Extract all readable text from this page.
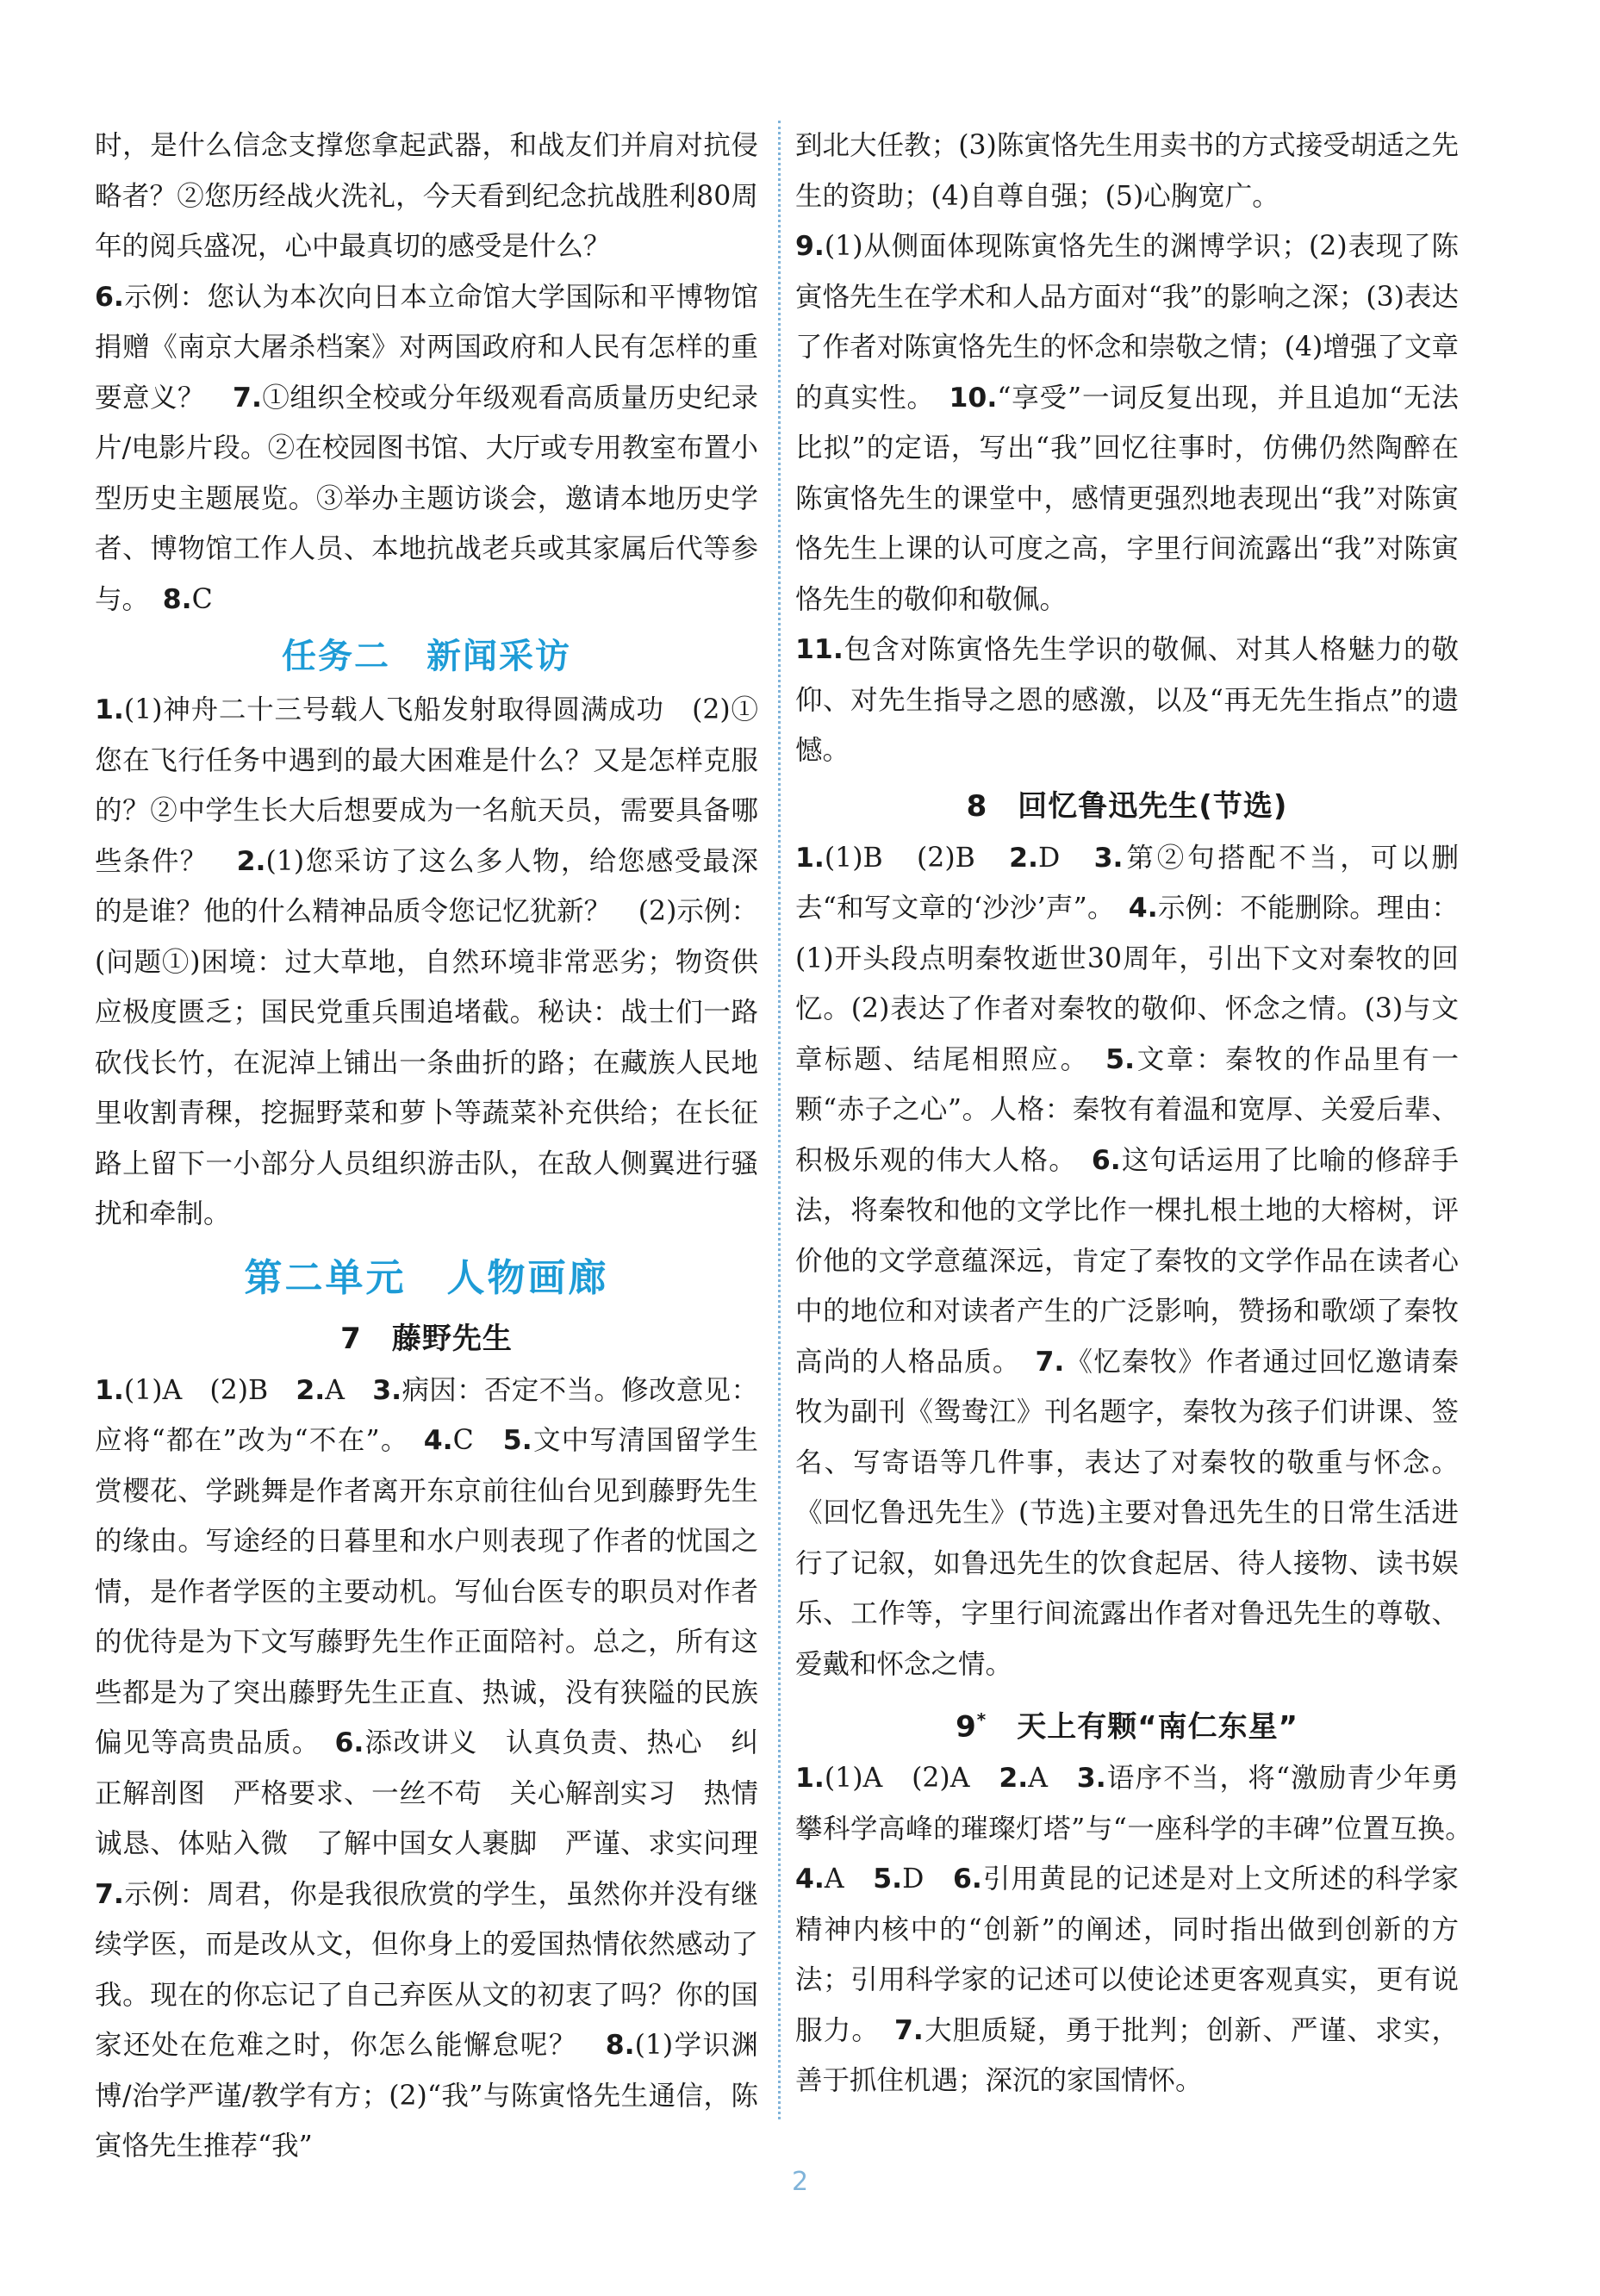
时，是什么信念支撑您拿起武器，和战友们并肩对抗侵略者？②您历经战火洗礼，今天看到纪念抗战胜利80周年的阅兵盛况，心中最真切的感受是什么？

6.示例：您认为本次向日本立命馆大学国际和平博物馆捐赠《南京大屠杀档案》对两国政府和人民有怎样的重要意义？　7.①组织全校或分年级观看高质量历史纪录片/电影片段。②在校园图书馆、大厅或专用教室布置小型历史主题展览。③举办主题访谈会，邀请本地历史学者、博物馆工作人员、本地抗战老兵或其家属后代等参与。　8.C

任务二　新闻采访

1.(1)神舟二十三号载人飞船发射取得圆满成功　(2)①您在飞行任务中遇到的最大困难是什么？又是怎样克服的？②中学生长大后想要成为一名航天员，需要具备哪些条件？　2.(1)您采访了这么多人物，给您感受最深的是谁？他的什么精神品质令您记忆犹新？　(2)示例：(问题①)困境：过大草地，自然环境非常恶劣；物资供应极度匮乏；国民党重兵围追堵截。秘诀：战士们一路砍伐长竹，在泥淖上铺出一条曲折的路；在藏族人民地里收割青稞，挖掘野菜和萝卜等蔬菜补充供给；在长征路上留下一小部分人员组织游击队，在敌人侧翼进行骚扰和牵制。

第二单元　人物画廊
7　藤野先生

1.(1)A　(2)B　2.A　3.病因：否定不当。修改意见：应将“都在”改为“不在”。　4.C　5.文中写清国留学生赏樱花、学跳舞是作者离开东京前往仙台见到藤野先生的缘由。写途经的日暮里和水户则表现了作者的忧国之情，是作者学医的主要动机。写仙台医专的职员对作者的优待是为下文写藤野先生作正面陪衬。总之，所有这些都是为了突出藤野先生正直、热诚，没有狭隘的民族偏见等高贵品质。　6.添改讲义　认真负责、热心　纠正解剖图　严格要求、一丝不苟　关心解剖实习　热情诚恳、体贴入微　了解中国女人裹脚　严谨、求实问理　7.示例：周君，你是我很欣赏的学生，虽然你并没有继续学医，而是改从文，但你身上的爱国热情依然感动了我。现在的你忘记了自己弃医从文的初衷了吗？你的国家还处在危难之时，你怎么能懈怠呢？　8.(1)学识渊博/治学严谨/教学有方；(2)“我”与陈寅恪先生通信，陈寅恪先生推荐“我”

到北大任教；(3)陈寅恪先生用卖书的方式接受胡适之先生的资助；(4)自尊自强；(5)心胸宽广。

9.(1)从侧面体现陈寅恪先生的渊博学识；(2)表现了陈寅恪先生在学术和人品方面对“我”的影响之深；(3)表达了作者对陈寅恪先生的怀念和崇敬之情；(4)增强了文章的真实性。　10.“享受”一词反复出现，并且追加“无法比拟”的定语，写出“我”回忆往事时，仿佛仍然陶醉在陈寅恪先生的课堂中，感情更强烈地表现出“我”对陈寅恪先生上课的认可度之高，字里行间流露出“我”对陈寅恪先生的敬仰和敬佩。

11.包含对陈寅恪先生学识的敬佩、对其人格魅力的敬仰、对先生指导之恩的感激，以及“再无先生指点”的遗憾。

8　回忆鲁迅先生(节选)

1.(1)B　(2)B　2.D　3.第②句搭配不当，可以删去“和写文章的‘沙沙’声”。　4.示例：不能删除。理由：(1)开头段点明秦牧逝世30周年，引出下文对秦牧的回忆。(2)表达了作者对秦牧的敬仰、怀念之情。(3)与文章标题、结尾相照应。　5.文章：秦牧的作品里有一颗“赤子之心”。人格：秦牧有着温和宽厚、关爱后辈、积极乐观的伟大人格。　6.这句话运用了比喻的修辞手法，将秦牧和他的文学比作一棵扎根土地的大榕树，评价他的文学意蕴深远，肯定了秦牧的文学作品在读者心中的地位和对读者产生的广泛影响，赞扬和歌颂了秦牧高尚的人格品质。　7.《忆秦牧》作者通过回忆邀请秦牧为副刊《鸳鸯江》刊名题字，秦牧为孩子们讲课、签名、写寄语等几件事，表达了对秦牧的敬重与怀念。《回忆鲁迅先生》(节选)主要对鲁迅先生的日常生活进行了记叙，如鲁迅先生的饮食起居、待人接物、读书娱乐、工作等，字里行间流露出作者对鲁迅先生的尊敬、爱戴和怀念之情。

9*　天上有颗“南仁东星”

1.(1)A　(2)A　2.A　3.语序不当，将“激励青少年勇攀科学高峰的璀璨灯塔”与“一座科学的丰碑”位置互换。　4.A　5.D　6.引用黄昆的记述是对上文所述的科学家精神内核中的“创新”的阐述，同时指出做到创新的方法；引用科学家的记述可以使论述更客观真实，更有说服力。　7.大胆质疑，勇于批判；创新、严谨、求实，善于抓住机遇；深沉的家国情怀。

2
